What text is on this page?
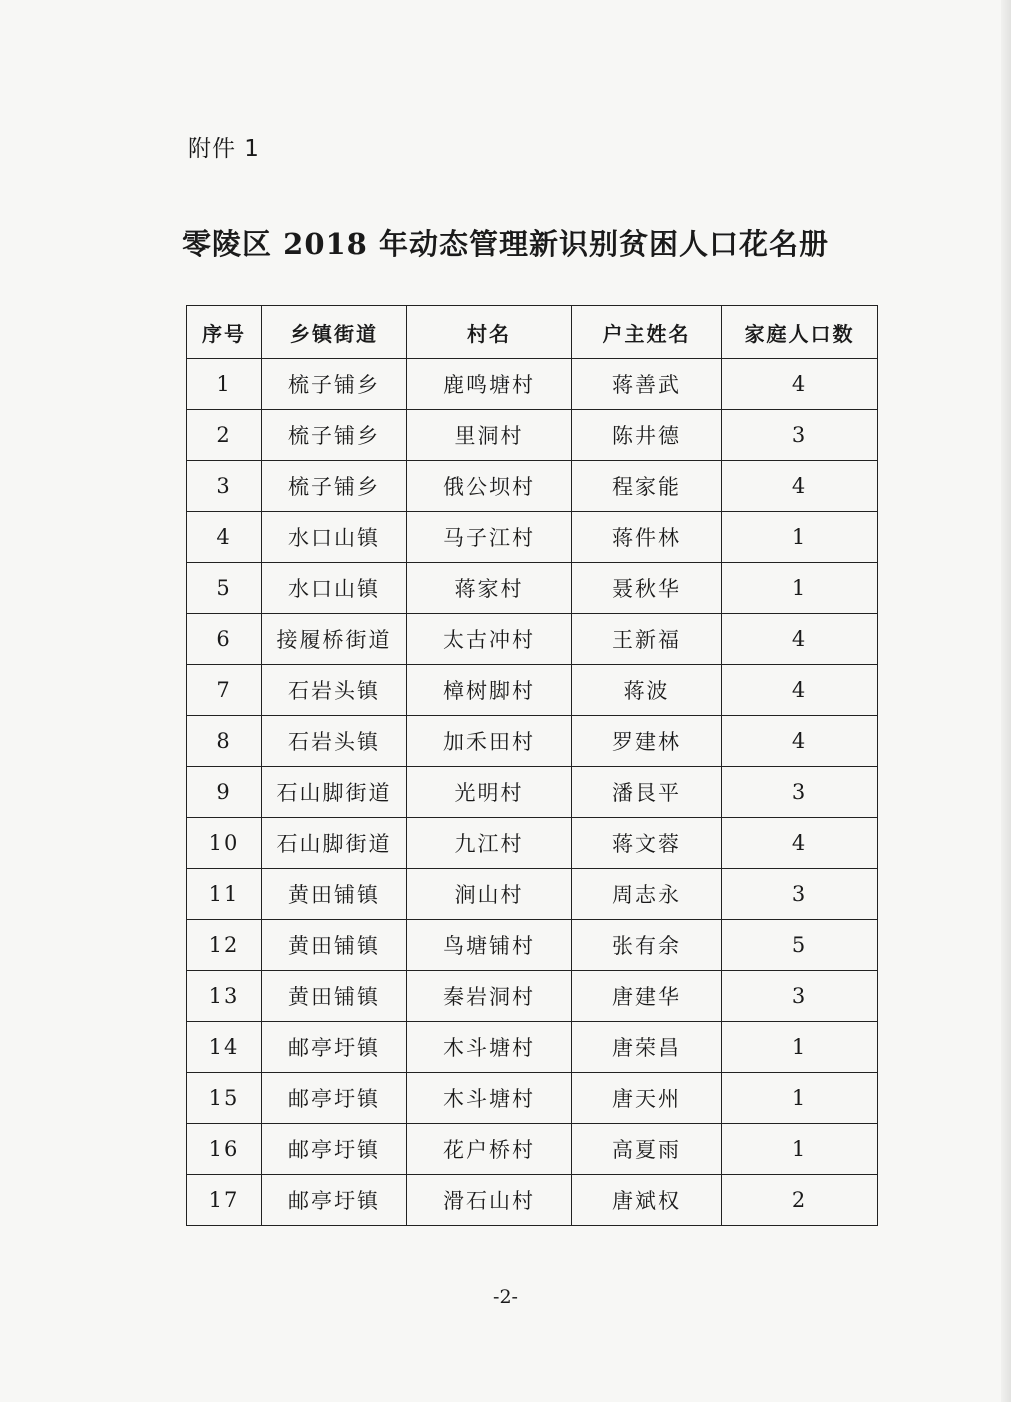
附件 1
零陵区 2018 年动态管理新识别贫困人口花名册
序号	乡镇街道	村名	户主姓名	家庭人口数
1	梳子铺乡	鹿鸣塘村	蒋善武	4
2	梳子铺乡	里洞村	陈井德	3
3	梳子铺乡	俄公坝村	程家能	4
4	水口山镇	马子江村	蒋件林	1
5	水口山镇	蒋家村	聂秋华	1
6	接履桥街道	太古冲村	王新福	4
7	石岩头镇	樟树脚村	蒋波	4
8	石岩头镇	加禾田村	罗建林	4
9	石山脚街道	光明村	潘艮平	3
10	石山脚街道	九江村	蒋文蓉	4
11	黄田铺镇	涧山村	周志永	3
12	黄田铺镇	鸟塘铺村	张有余	5
13	黄田铺镇	秦岩洞村	唐建华	3
14	邮亭圩镇	木斗塘村	唐荣昌	1
15	邮亭圩镇	木斗塘村	唐天州	1
16	邮亭圩镇	花户桥村	高夏雨	1
17	邮亭圩镇	滑石山村	唐斌权	2
-2-
